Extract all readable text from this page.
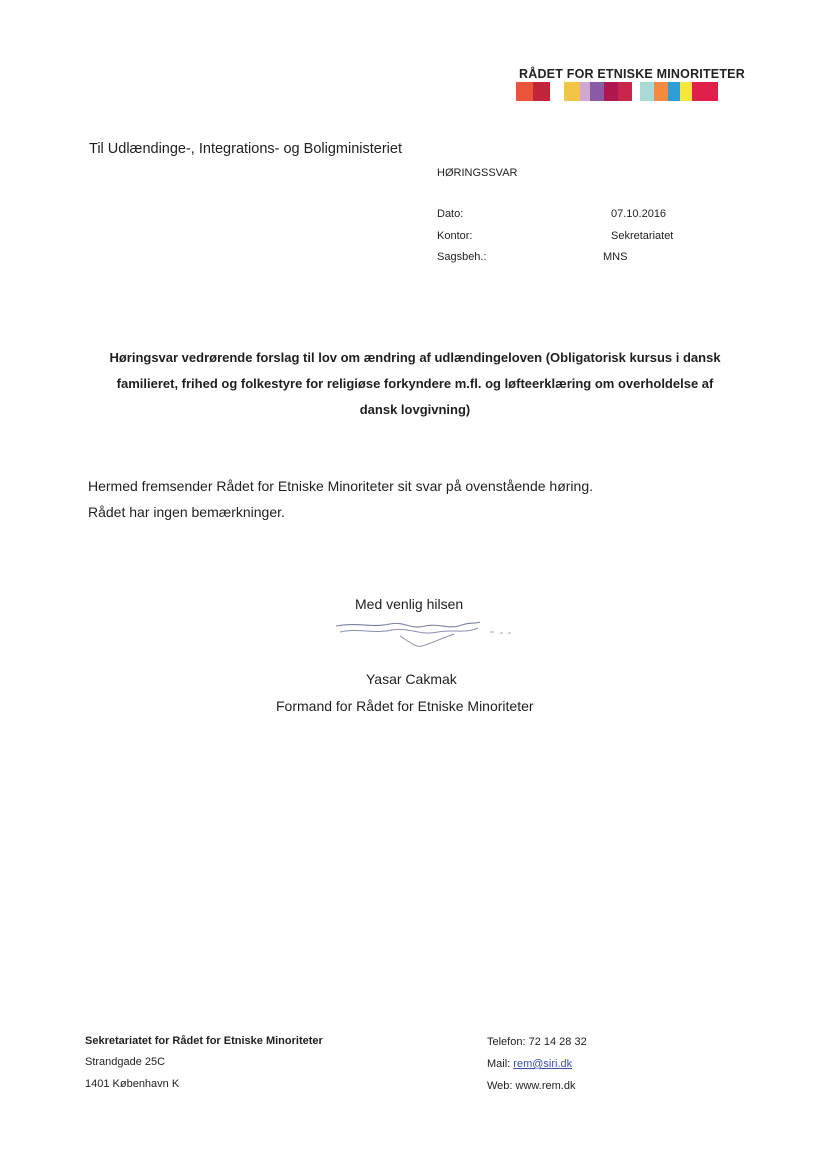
RÅDET FOR ETNISKE MINORITETER
Til Udlændinge-, Integrations- og Boligministeriet
HØRINGSSVAR
Dato:	07.10.2016
Kontor:	Sekretariatet
Sagsbeh.:	MNS
Høringsvar vedrørende forslag til lov om ændring af udlændingeloven (Obligatorisk kursus i dansk familieret, frihed og folkestyre for religiøse forkyndere m.fl. og løfteerklæring om overholdelse af dansk lovgivning)
Hermed fremsender Rådet for Etniske Minoriteter sit svar på ovenstående høring.
Rådet har ingen bemærkninger.
Med venlig hilsen
Yasar Cakmak
Formand for Rådet for Etniske Minoriteter
Sekretariatet for Rådet for Etniske Minoriteter
Strandgade 25C
1401 København K
Telefon: 72 14 28 32
Mail: rem@siri.dk
Web: www.rem.dk
